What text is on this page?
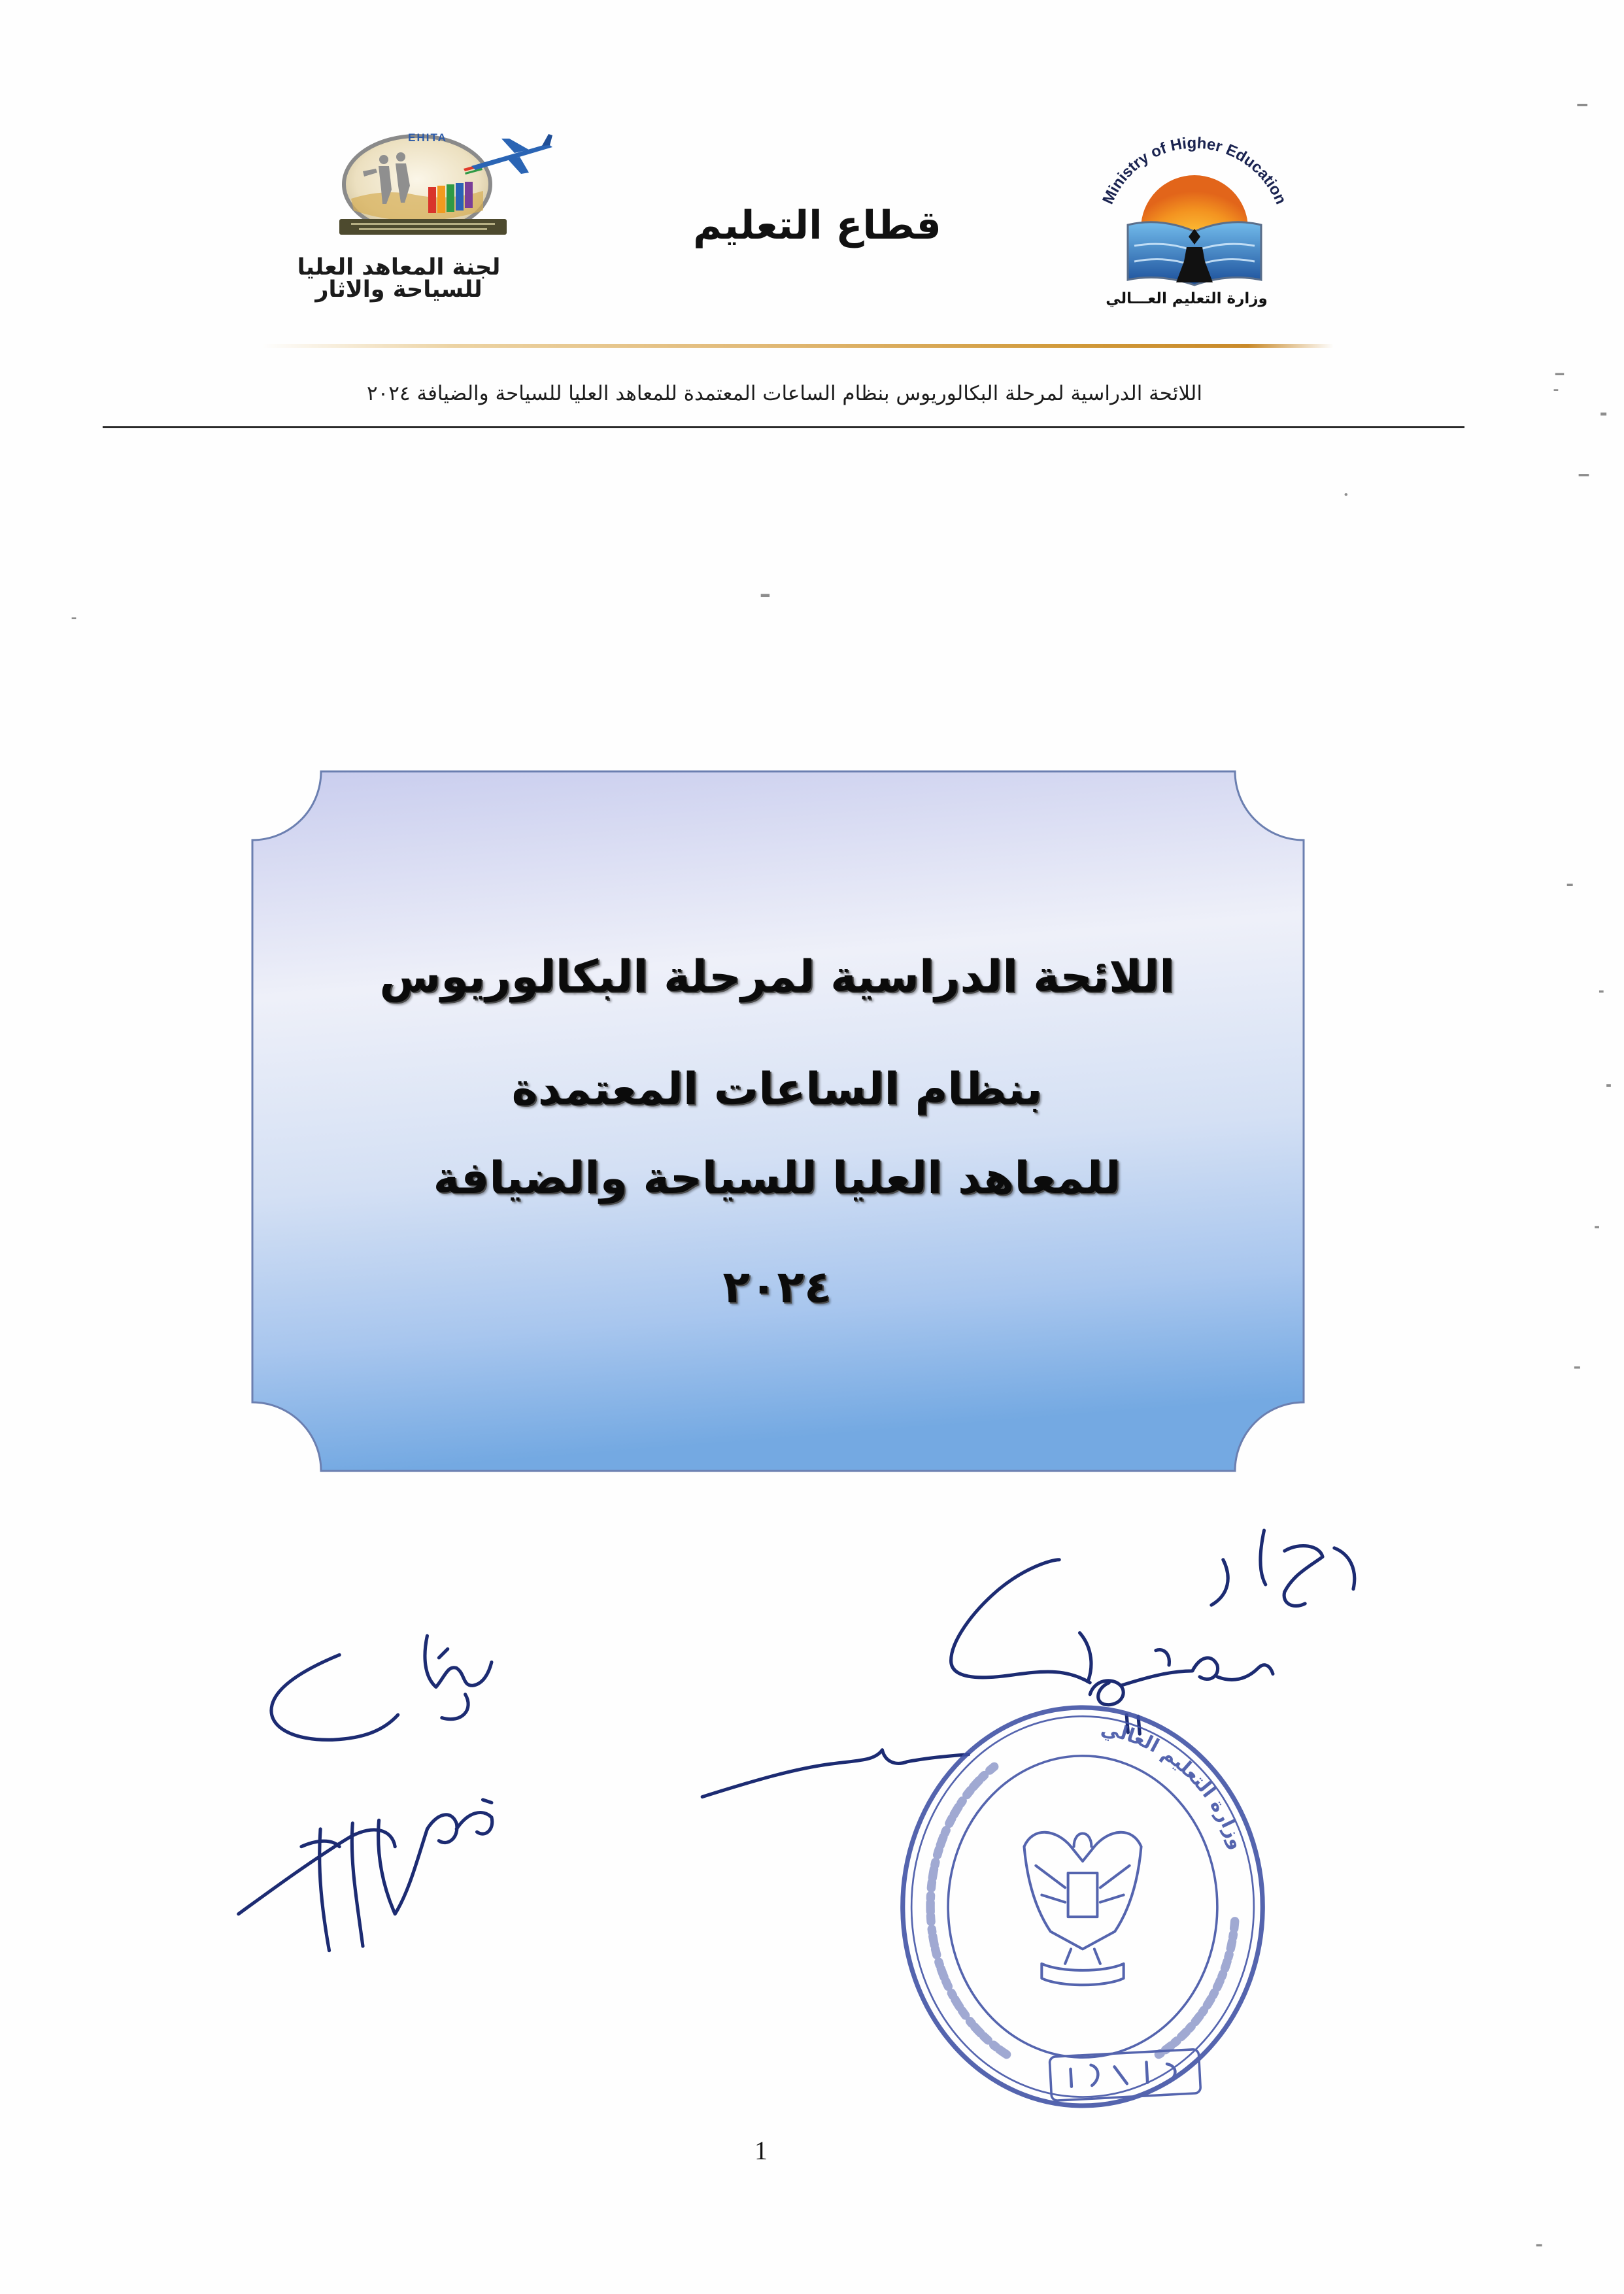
Ministry of Higher Education
وزارة التعليم العـــالي
قطاع التعليم
EHITA
لجنة المعاهد العليا
للسياحة والاثار
اللائحة الدراسية لمرحلة البكالوريوس بنظام الساعات المعتمدة للمعاهد العليا للسياحة والضيافة ٢٠٢٤
اللائحة الدراسية لمرحلة البكالوريوس
بنظام الساعات المعتمدة
للمعاهد العليا للسياحة والضيافة
٢٠٢٤
وزارة التعليم العالي
1
